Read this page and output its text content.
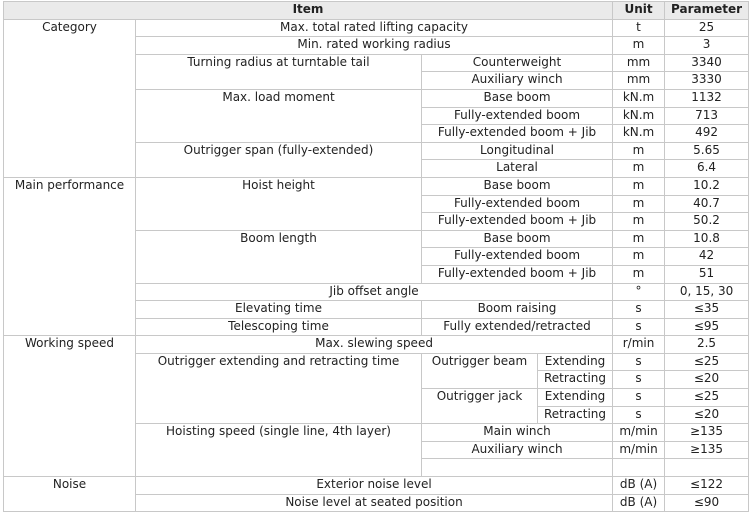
Item				Unit	Parameter
Category	Max. total rated lifting capacity			t	25
	Min. rated working radius			m	3
	Turning radius at turntable tail	Counterweight		mm	3340
		Auxiliary winch		mm	3330
	Max. load moment	Base boom		kN.m	1132
		Fully-extended boom		kN.m	713
		Fully-extended boom + Jib		kN.m	492
	Outrigger span (fully-extended)	Longitudinal		m	5.65
		Lateral		m	6.4
Main performance	Hoist height	Base boom		m	10.2
		Fully-extended boom		m	40.7
		Fully-extended boom + Jib		m	50.2
	Boom length	Base boom		m	10.8
		Fully-extended boom		m	42
		Fully-extended boom + Jib		m	51
	Jib offset angle			°	0, 15, 30
	Elevating time	Boom raising		s	≤35
	Telescoping time	Fully extended/retracted		s	≤95
Working speed	Max. slewing speed			r/min	2.5
	Outrigger extending and retracting time	Outrigger beam	Extending	s	≤25
			Retracting	s	≤20
		Outrigger jack	Extending	s	≤25
			Retracting	s	≤20
	Hoisting speed (single line, 4th layer)	Main winch		m/min	≥135
		Auxiliary winch		m/min	≥135

Noise	Exterior noise level			dB (A)	≤122
	Noise level at seated position			dB (A)	≤90
